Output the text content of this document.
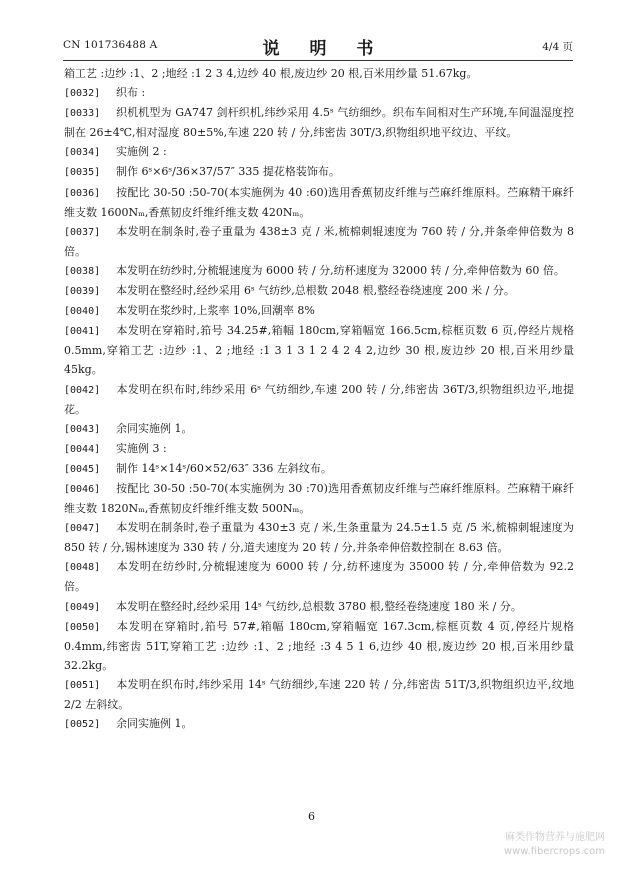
CN 101736488 A	说 明 书	4/4 页

箱工艺 :边纱 :1、2 ;地经 :1 2 3 4,边纱 40 根,废边纱 20 根,百米用纱量 51.67kg。

[0032] 织布 :

[0033] 织机机型为 GA747 剑杆织机,纬纱采用 4.5ˢ 气纺细纱。织布车间相对生产环境,车间温湿度控制在 26±4℃,相对湿度 80±5%,车速 220 转 / 分,纬密齿 30T/3,织物组织地平纹边、平纹。

[0034] 实施例 2 :

[0035] 制作 6ˢ×6ˢ/36×37/57″ 335 提花格装饰布。

[0036] 按配比 30-50 :50-70(本实施例为 40 :60)选用香蕉韧皮纤维与苎麻纤维原料。苎麻精干麻纤维支数 1600Nₘ,香蕉韧皮纤维纤维支数 420Nₘ。

[0037] 本发明在制条时,卷子重量为 438±3 克 / 米,梳棉刺辊速度为 760 转 / 分,并条牵伸倍数为 8 倍。

[0038] 本发明在纺纱时,分梳辊速度为 6000 转 / 分,纺杯速度为 32000 转 / 分,牵伸倍数为 60 倍。

[0039] 本发明在整经时,经纱采用 6ˢ 气纺纱,总根数 2048 根,整经卷绕速度 200 米 / 分。

[0040] 本发明在浆纱时,上浆率 10%,回潮率 8%

[0041] 本发明在穿箱时,筘号 34.25#,箱幅 180cm,穿箱幅宽 166.5cm,棕框页数 6 页,停经片规格 0.5mm,穿箱工艺 :边纱 :1、2 ;地经 :1 3 1 3 1 2 4 2 4 2,边纱 30 根,废边纱 20 根,百米用纱量 45kg。

[0042] 本发明在织布时,纬纱采用 6ˢ 气纺细纱,车速 200 转 / 分,纬密齿 36T/3,织物组织边平,地提花。

[0043] 余同实施例 1。

[0044] 实施例 3 :

[0045] 制作 14ˢ×14ˢ/60×52/63″ 336 左斜纹布。

[0046] 按配比 30-50 :50-70(本实施例为 30 :70)选用香蕉韧皮纤维与苎麻纤维原料。苎麻精干麻纤维支数 1820Nₘ,香蕉韧皮纤维纤维支数 500Nₘ。

[0047] 本发明在制条时,卷子重量为 430±3 克 / 米,生条重量为 24.5±1.5 克 /5 米,梳棉刺辊速度为 850 转 / 分,锡林速度为 330 转 / 分,道夫速度为 20 转 / 分,并条牵伸倍数控制在 8.63 倍。

[0048] 本发明在纺纱时,分梳辊速度为 6000 转 / 分,纺杯速度为 35000 转 / 分,牵伸倍数为 92.2 倍。

[0049] 本发明在整经时,经纱采用 14ˢ 气纺纱,总根数 3780 根,整经卷绕速度 180 米 / 分。

[0050] 本发明在穿箱时,筘号 57#,箱幅 180cm,穿箱幅宽 167.3cm,棕框页数 4 页,停经片规格 0.4mm,纬密齿 51T,穿箱工艺 :边纱 :1、2 ;地经 :3 4 5 1 6,边纱 40 根,废边纱 20 根,百米用纱量 32.2kg。

[0051] 本发明在织布时,纬纱采用 14ˢ 气纺细纱,车速 220 转 / 分,纬密齿 51T/3,织物组织边平,纹地 2/2 左斜纹。

[0052] 余同实施例 1。

6
麻类作物营养与施肥网
www.fibercrops.com
